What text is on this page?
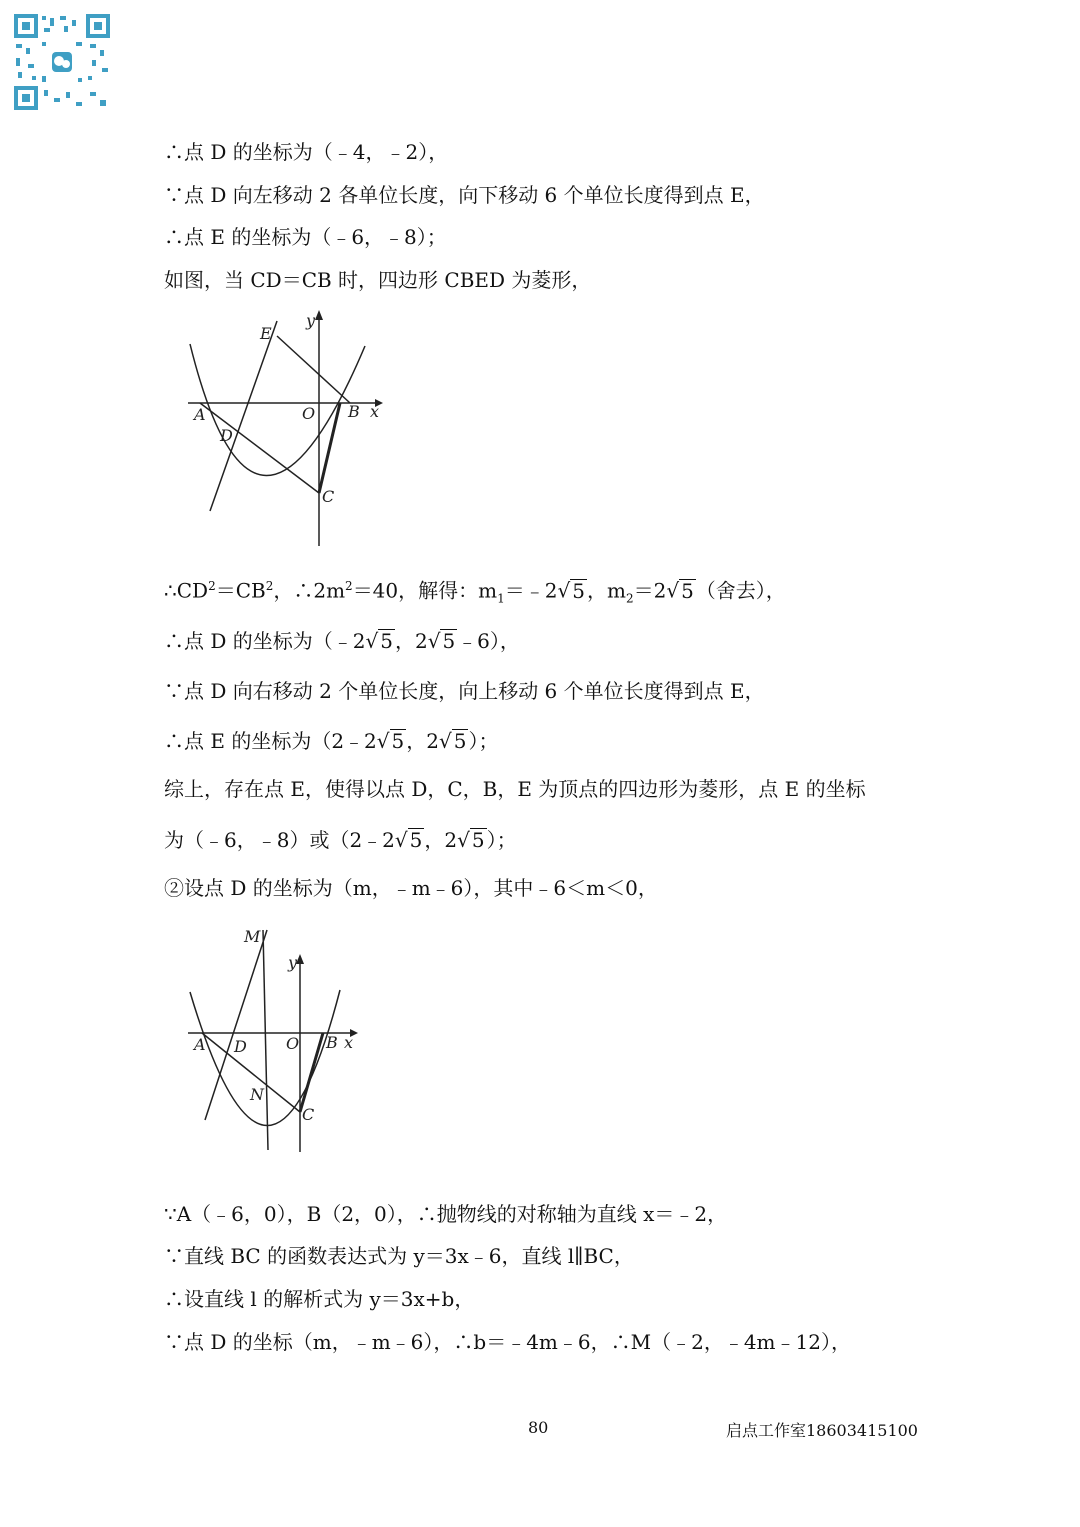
∴点 D 的坐标为（﹣4，﹣2），
∵点 D 向左移动 2 各单位长度，向下移动 6 个单位长度得到点 E，
∴点 E 的坐标为（﹣6，﹣8）；
如图，当 CD＝CB 时，四边形 CBED 为菱形，
E
y
A
D
O B x
C
$\therefore CD^2=CB^2$，$\therefore 2m^2=40$，解得：$m_1=﹣2√$ 5 ，$m_2=2√$ 5 （舍去），
∴点 D 的坐标为（﹣2√ 5 ，2√ 5 ﹣6），
∵点 D 向右移动 2 个单位长度，向上移动 6 个单位长度得到点 E，
∴点 E 的坐标为（2﹣2√ 5 ，2√ 5 ）；
综上，存在点 E，使得以点 D，C，B，E 为顶点的四边形为菱形，点 E 的坐标
为（﹣6，﹣8）或（2﹣2√ 5 ，2√ 5 ）；
②设点 D 的坐标为（m，﹣m﹣6），其中﹣6＜m＜0，
M
y
A D O B x
N
C
∵A（﹣6，0），B（2，0），∴抛物线的对称轴为直线 x＝﹣2，
∵直线 BC 的函数表达式为 y＝3x﹣6，直线 l∥BC，
∴设直线 l 的解析式为 y＝3x+b，
∵点 D 的坐标（m，﹣m﹣6），∴b＝﹣4m﹣6，∴M（﹣2，﹣4m﹣12），
80	启点工作室18603415100
